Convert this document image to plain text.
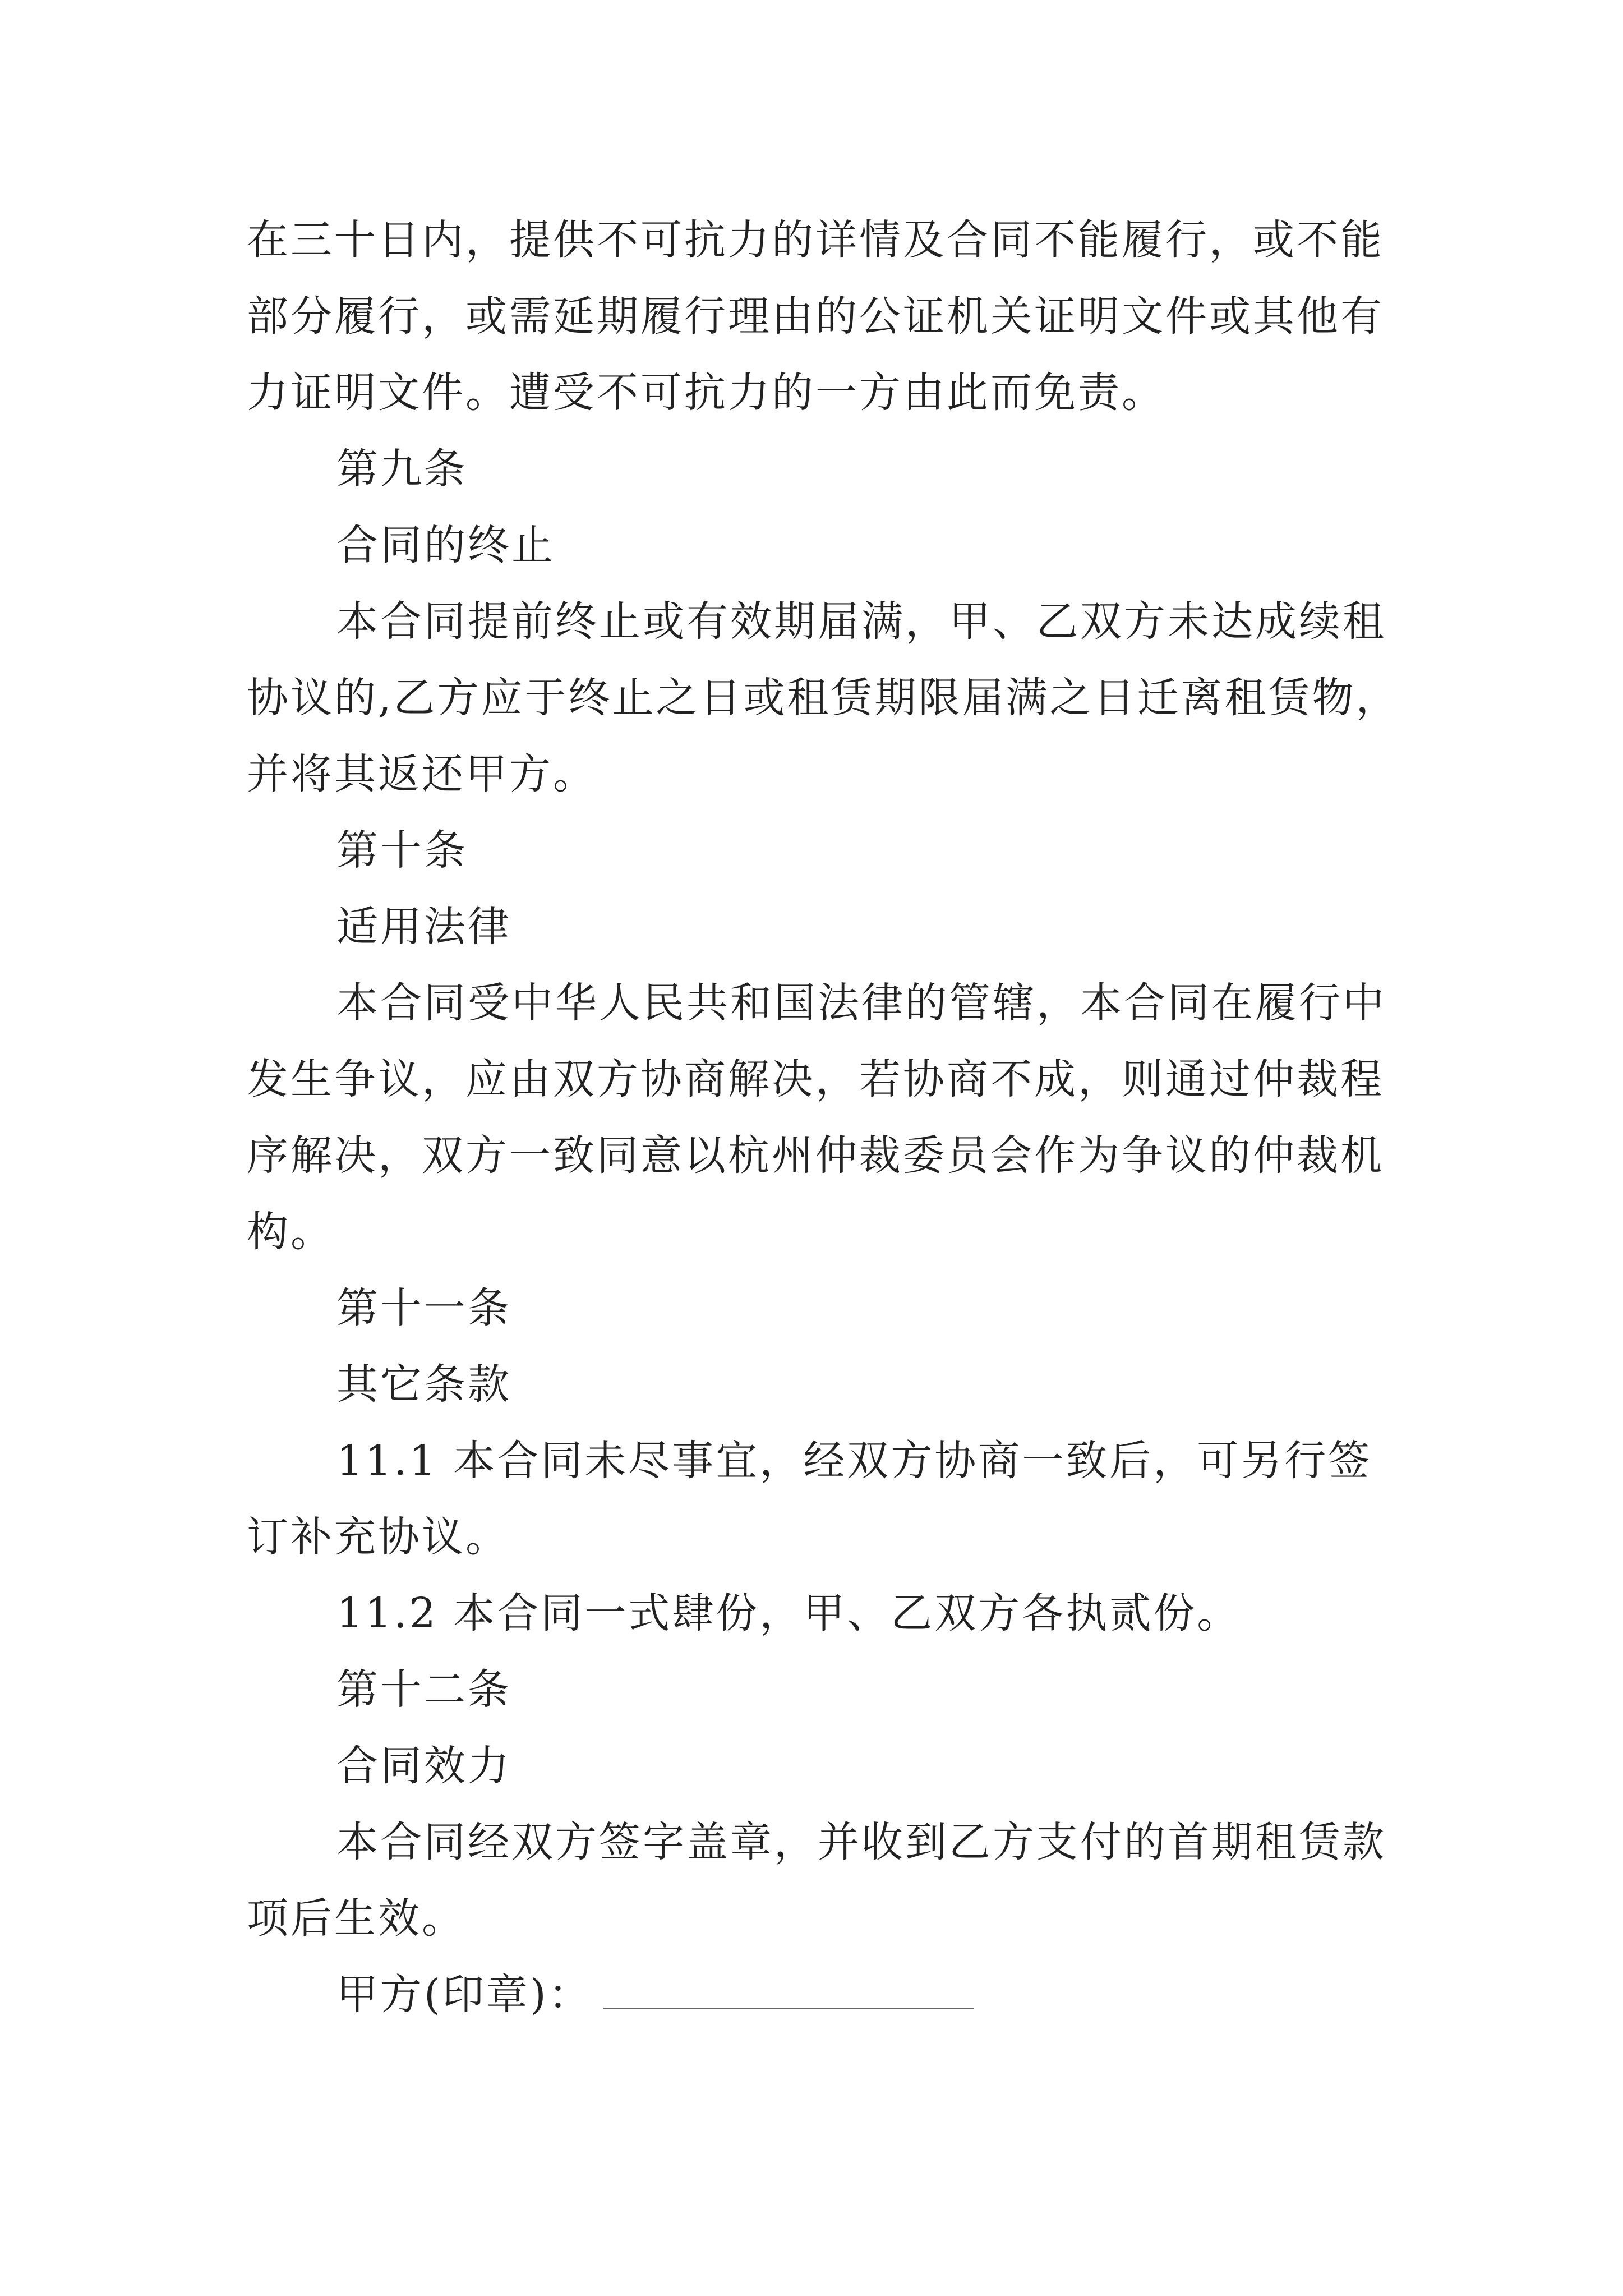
在三十日内，提供不可抗力的详情及合同不能履行，或不能
部分履行，或需延期履行理由的公证机关证明文件或其他有
力证明文件。遭受不可抗力的一方由此而免责。
第九条
合同的终止
本合同提前终止或有效期届满，甲、乙双方未达成续租
协议的,乙方应于终止之日或租赁期限届满之日迁离租赁物，
并将其返还甲方。
第十条
适用法律
本合同受中华人民共和国法律的管辖，本合同在履行中
发生争议，应由双方协商解决，若协商不成，则通过仲裁程
序解决，双方一致同意以杭州仲裁委员会作为争议的仲裁机
构。
第十一条
其它条款
11.1 本合同未尽事宜，经双方协商一致后，可另行签
订补充协议。
11.2 本合同一式肆份，甲、乙双方各执贰份。
第十二条
合同效力
本合同经双方签字盖章，并收到乙方支付的首期租赁款
项后生效。
甲方(印章)：
